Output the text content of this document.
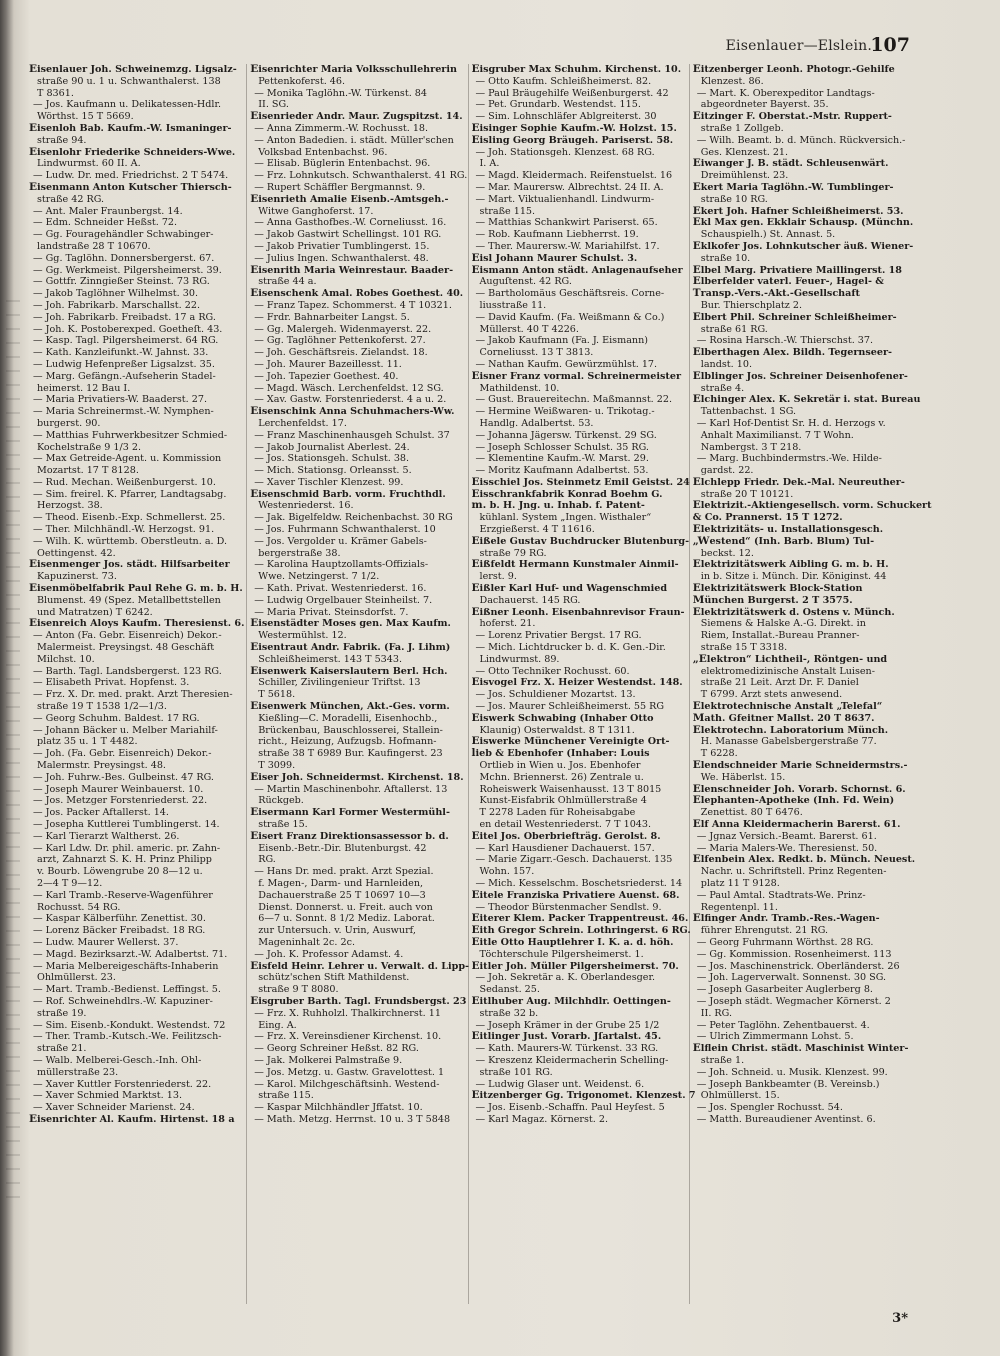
Eisenlauer—Elslein.
107
Eisenlauer Joh. Schweinemzg. Ligsalz-
straße 90 u. 1 u. Schwanthalerst. 138
T 8361.
— Jos. Kaufmann u. Delikatessen-Hdlr.
Wörthst. 15 T 5669.
Eisenloh Bab. Kaufm.-W. Ismaninger-
straße 94.
Eisenlohr Friederike Schneiders-Wwe.
Lindwurmst. 60 II. A.
— Ludw. Dr. med. Friedrichst. 2 T 5474.
Eisenmann Anton Kutscher Thiersch-
straße 42 RG.
— Ant. Maler Fraunbergst. 14.
— Edm. Schneider Heßst. 72.
— Gg. Fouragehändler Schwabinger-
landstraße 28 T 10670.
— Gg. Taglöhn. Donnersbergerst. 67.
— Gg. Werkmeist. Pilgersheimerst. 39.
— Gottfr. Zinngießer Steinst. 73 RG.
— Jakob Taglöhner Wilhelmst. 30.
— Joh. Fabrikarb. Marschallst. 22.
— Joh. Fabrikarb. Freibadst. 17 a RG.
— Joh. K. Postoberexped. Goetheſt. 43.
— Kasp. Tagl. Pilgersheimerst. 64 RG.
— Kath. Kanzleifunkt.-W. Jahnst. 33.
— Ludwig Hefenpreßer Ligsalzst. 35.
— Marg. Gefängn.-Aufseherin Stadel-
heimerst. 12 Bau I.
— Maria Privatiers-W. Baaderst. 27.
— Maria Schreinermst.-W. Nymphen-
burgerst. 90.
— Matthias Fuhrwerkbesitzer Schmied-
Kochelstraße 9 1/3 2.
— Max Getreide-Agent. u. Kommission
Mozartst. 17 T 8128.
— Rud. Mechan. Weißenburgerst. 10.
— Sim. freirel. K. Pfarrer, Landtagsabg.
Herzogst. 38.
— Theod. Eisenb.-Exp. Schmellerst. 25.
— Ther. Milchhändl.-W. Herzogst. 91.
— Wilh. K. württemb. Oberstleutn. a. D.
Oettingenst. 42.
Eisenmenger Jos. städt. Hilfsarbeiter
Kapuzinerst. 73.
Eisenmöbelfabrik Paul Rehe G. m. b. H.
Blumenst. 49 (Spez. Metallbettstellen
und Matratzen) T 6242.
Eisenreich Aloys Kaufm. Theresienst. 6.
— Anton (Fa. Gebr. Eisenreich) Dekor.-
Malermeist. Preysingst. 48 Geschäft
Milchst. 10.
— Barth. Tagl. Landsbergerst. 123 RG.
— Elisabeth Privat. Hopfenst. 3.
— Frz. X. Dr. med. prakt. Arzt Theresien-
straße 19 T 1538 1/2—1/3.
— Georg Schuhm. Baldest. 17 RG.
— Johann Bäcker u. Melber Mariahilf-
platz 35 u. 1 T 4482.
— Joh. (Fa. Gebr. Eisenreich) Dekor.-
Malermstr. Preysingst. 48.
— Joh. Fuhrw.-Bes. Gulbeinst. 47 RG.
— Joseph Maurer Weinbauerst. 10.
— Jos. Metzger Forstenriederst. 22.
— Jos. Packer Aftallerst. 14.
— Josepha Kuttlerei Tumblingerst. 14.
— Karl Tierarzt Waltherst. 26.
— Karl Ldw. Dr. phil. americ. pr. Zahn-
arzt, Zahnarzt S. K. H. Prinz Philipp
v. Bourb. Löwengrube 20 8—12 u.
2—4 T 9—12.
— Karl Tramb.-Reserve-Wagenführer
Rochusst. 54 RG.
— Kaspar Kälberführ. Zenettist. 30.
— Lorenz Bäcker Freibadst. 18 RG.
— Ludw. Maurer Wellerst. 37.
— Magd. Bezirksarzt.-W. Adalbertst. 71.
— Maria Melbereigeschäfts-Inhaberin
Ohlmüllerst. 23.
— Mart. Tramb.-Bedienst. Leffingst. 5.
— Rof. Schweinehdlrs.-W. Kapuziner-
straße 19.
— Sim. Eisenb.-Kondukt. Westendst. 72
— Ther. Tramb.-Kutsch.-We. Feilitzsch-
straße 21.
— Walb. Melberei-Gesch.-Inh. Ohl-
müllerstraße 23.
— Xaver Kuttler Forstenriederst. 22.
— Xaver Schmied Marktst. 13.
— Xaver Schneider Marienst. 24.
Eisenrichter Al. Kaufm. Hirtenst. 18 a
Eisenrichter Maria Volksschullehrerin
Pettenkoferst. 46.
— Monika Taglöhn.-W. Türkenst. 84
II. SG.
Eisenrieder Andr. Maur. Zugspitzst. 14.
— Anna Zimmerm.-W. Rochusst. 18.
— Anton Badedien. i. städt. Müller'schen
Volksbad Entenbachst. 96.
— Elisab. Büglerin Entenbachst. 96.
— Frz. Lohnkutsch. Schwanthalerst. 41 RG.
— Rupert Schäffler Bergmannst. 9.
Eisenrieth Amalie Eisenb.-Amtsgeh.-
Witwe Ganghoferst. 17.
— Anna Gasthofbes.-W. Corneliusst. 16.
— Jakob Gastwirt Schellingst. 101 RG.
— Jakob Privatier Tumblingerst. 15.
— Julius Ingen. Schwanthalerst. 48.
Eisenrith Maria Weinrestaur. Baader-
straße 44 a.
Eisenschenk Amal. Robes Goethest. 40.
— Franz Tapez. Schommerst. 4 T 10321.
— Frdr. Bahnarbeiter Langst. 5.
— Gg. Malergeh. Widenmayerst. 22.
— Gg. Taglöhner Pettenkoferst. 27.
— Joh. Geschäftsreis. Zielandst. 18.
— Joh. Maurer Bazeillesst. 11.
— Joh. Tapezier Goethest. 40.
— Magd. Wäsch. Lerchenfeldst. 12 SG.
— Xav. Gastw. Forstenriederst. 4 a u. 2.
Eisenschink Anna Schuhmachers-Ww.
Lerchenfeldst. 17.
— Franz Maschinenhausgeh Schulst. 37
— Jakob Journalist Aberlest. 24.
— Jos. Stationsgeh. Schulst. 38.
— Mich. Stationsg. Orleansst. 5.
— Xaver Tischler Klenzest. 99.
Eisenschmid Barb. vorm. Fruchthdl.
Westenriederst. 16.
— Jak. Bigelfeldw. Reichenbachst. 30 RG
— Jos. Fuhrmann Schwanthalerst. 10
— Jos. Vergolder u. Krämer Gabels-
bergerstraße 38.
— Karolina Hauptzollamts-Offizials-
Wwe. Netzingerst. 7 1/2.
— Kath. Privat. Westenriederst. 16.
— Ludwig Orgelbauer Steinheilst. 7.
— Maria Privat. Steinsdorfst. 7.
Eisenstädter Moses gen. Max Kaufm.
Westermühlst. 12.
Eisentraut Andr. Fabrik. (Fa. J. Lihm)
Schleißheimerst. 143 T 5343.
Eisenwerk Kaiserslautern Berl. Hch.
Schiller, Zivilingenieur Triftst. 13
T 5618.
Eisenwerk München, Akt.-Ges. vorm.
Kießling—C. Moradelli, Eisenhochb.,
Brückenbau, Bauschlosserei, Stallein-
richt., Heizung, Aufzugsb. Hofmann-
straße 38 T 6989 Bur. Kaufingerst. 23
T 3099.
Eiser Joh. Schneidermst. Kirchenst. 18.
— Martin Maschinenbohr. Aftallerst. 13
Rückgeb.
Eisermann Karl Former Westermühl-
straße 15.
Eisert Franz Direktionsassessor b. d.
Eisenb.-Betr.-Dir. Blutenburgst. 42
RG.
— Hans Dr. med. prakt. Arzt Spezial.
f. Magen-, Darm- und Harnleiden,
Dachauerstraße 25 T 10697 10—3
Dienst. Donnerst. u. Freit. auch von
6—7 u. Sonnt. 8 1/2 Mediz. Laborat.
zur Untersuch. v. Urin, Auswurf,
Mageninhalt 2c. 2c.
— Joh. K. Professor Adamst. 4.
Eisfeld Heinr. Lehrer u. Verwalt. d. Lipp-
schütz'schen Stift Mathildenst.
straße 9 T 8080.
Eisgruber Barth. Tagl. Frundsbergst. 23
— Frz. X. Ruhholzl. Thalkirchnerst. 11
Eing. A.
— Frz. X. Vereinsdiener Kirchenst. 10.
— Georg Schreiner Heßst. 82 RG.
— Jak. Molkerei Palmstraße 9.
— Jos. Metzg. u. Gastw. Gravelottest. 1
— Karol. Milchgeschäftsinh. Westend-
straße 115.
— Kaspar Milchhändler Jffatst. 10.
— Math. Metzg. Herrnst. 10 u. 3 T 5848
Eisgruber Max Schuhm. Kirchenst. 10.
— Otto Kaufm. Schleißheimerst. 82.
— Paul Bräugehilfe Weißenburgerst. 42
— Pet. Grundarb. Westendst. 115.
— Sim. Lohnschläfer Ablgreiterst. 30
Eisinger Sophie Kaufm.-W. Holzst. 15.
Eisling Georg Bräugeh. Pariserst. 58.
— Joh. Stationsgeh. Klenzest. 68 RG.
I. A.
— Magd. Kleidermach. Reifenstuelst. 16
— Mar. Maurersw. Albrechtst. 24 II. A.
— Mart. Viktualienhandl. Lindwurm-
straße 115.
— Matthias Schankwirt Pariserst. 65.
— Rob. Kaufmann Liebherrst. 19.
— Ther. Maurersw.-W. Mariahilfst. 17.
Eisl Johann Maurer Schulst. 3.
Eismann Anton städt. Anlagenaufseher
Auguſtenst. 42 RG.
— Bartholomäus Geschäftsreis. Corne-
liusstraße 11.
— David Kaufm. (Fa. Weißmann & Co.)
Müllerst. 40 T 4226.
— Jakob Kaufmann (Fa. J. Eismann)
Corneliusst. 13 T 3813.
— Nathan Kaufm. Gewürzmühlst. 17.
Eisner Franz vormal. Schreinermeister
Mathildenst. 10.
— Gust. Brauereitechn. Maßmannst. 22.
— Hermine Weißwaren- u. Trikotag.-
Handlg. Adalbertst. 53.
— Johanna Jägersw. Türkenst. 29 SG.
— Joseph Schlosser Schulst. 35 RG.
— Klementine Kaufm.-W. Marst. 29.
— Moritz Kaufmann Adalbertst. 53.
Eisschiel Jos. Steinmetz Emil Geistst. 24
Eisschrankfabrik Konrad Boehm G.
m. b. H. Jng. u. Inhab. f. Patent-
kühlanl. System „Ingen. Wisthaler“
Erzgießerst. 4 T 11616.
Eißele Gustav Buchdrucker Blutenburg-
straße 79 RG.
Eißfeldt Hermann Kunstmaler Ainmil-
lerst. 9.
Eißler Karl Huf- und Wagenschmied
Dachauerst. 145 RG.
Eißner Leonh. Eisenbahnrevisor Fraun-
hoferst. 21.
— Lorenz Privatier Bergst. 17 RG.
— Mich. Lichtdrucker b. d. K. Gen.-Dir.
Lindwurmst. 89.
— Otto Techniker Rochusst. 60.
Eisvogel Frz. X. Heizer Westendst. 148.
— Jos. Schuldiener Mozartst. 13.
— Jos. Maurer Schleißheimerst. 55 RG
Eiswerk Schwabing (Inhaber Otto
Klaunig) Osterwaldst. 8 T 1311.
Eiswerke Münchener Vereinigte Ort-
lieb & Ebenhofer (Inhaber: Louis
Ortlieb in Wien u. Jos. Ebenhofer
Mchn. Briennerst. 26) Zentrale u.
Roheiswerk Waisenhausst. 13 T 8015
Kunst-Eisfabrik Ohlmüllerstraße 4
T 2278 Laden für Roheisabgabe
en detail Westenriederst. 7 T 1043.
Eitel Jos. Oberbriefträg. Gerolst. 8.
— Karl Hausdiener Dachauerst. 157.
— Marie Zigarr.-Gesch. Dachauerst. 135
Wohn. 157.
— Mich. Kesselschm. Boschetsriederst. 14
Eitele Franziska Privatiere Auenst. 68.
— Theodor Bürstenmacher Sendlst. 9.
Eiterer Klem. Packer Trappentreust. 46.
Eith Gregor Schrein. Lothringerst. 6 RG.
Eitle Otto Hauptlehrer I. K. a. d. höh.
Töchterschule Pilgersheimerst. 1.
Eitler Joh. Müller Pilgersheimerst. 70.
— Joh. Sekretär a. K. Oberlandesger.
Sedanst. 25.
Eitlhuber Aug. Milchhdlr. Oettingen-
straße 32 b.
— Joseph Krämer in der Grube 25 1/2
Eitlinger Just. Vorarb. Jſartalst. 45.
— Kath. Maurers-W. Türkenst. 33 RG.
— Kreszenz Kleidermacherin Schelling-
straße 101 RG.
— Ludwig Glaser unt. Weidenst. 6.
Eitzenberger Gg. Trigonomet. Klenzest. 7
— Jos. Eisenb.-Schaffn. Paul Heyſest. 5
— Karl Magaz. Körnerst. 2.
Eitzenberger Leonh. Photogr.-Gehilfe
Klenzest. 86.
— Mart. K. Oberexpeditor Landtags-
abgeordneter Bayerst. 35.
Eitzinger F. Oberstat.-Mstr. Ruppert-
straße 1 Zollgeb.
— Wilh. Beamt. b. d. Münch. Rückversich.-
Ges. Klenzest. 21.
Eiwanger J. B. städt. Schleusenwärt.
Dreimühlenst. 23.
Ekert Maria Taglöhn.-W. Tumblinger-
straße 10 RG.
Ekert Joh. Hafner Schleißheimerst. 53.
Ekl Max gen. Ekklair Schausp. (Münchn.
Schauspielh.) St. Annast. 5.
Eklkofer Jos. Lohnkutscher äuß. Wiener-
straße 10.
Elbel Marg. Privatiere Maillingerst. 18
Elberfelder vaterl. Feuer-, Hagel- &
Transp.-Vers.-Akt.-Gesellschaft
Bur. Thierschplatz 2.
Elbert Phil. Schreiner Schleißheimer-
straße 61 RG.
— Rosina Harsch.-W. Thierschst. 37.
Elberthagen Alex. Bildh. Tegernseer-
landst. 10.
Elblinger Jos. Schreiner Deisenhofener-
straße 4.
Elchinger Alex. K. Sekretär i. stat. Bureau
Tattenbachst. 1 SG.
— Karl Hof-Dentist Sr. H. d. Herzogs v.
Anhalt Maximilianst. 7 T Wohn.
Nambergst. 3 T 218.
— Marg. Buchbindermstrs.-We. Hilde-
gardst. 22.
Elchlepp Friedr. Dek.-Mal. Neureuther-
straße 20 T 10121.
Elektrizit.-Aktiengesellsch. vorm. Schuckert
& Co. Prannerst. 15 T 1272.
Elektrizitäts- u. Installationsgesch.
„Westend“ (Inh. Barb. Blum) Tul-
beckst. 12.
Elektrizitätswerk Aibling G. m. b. H.
in b. Sitze i. Münch. Dir. Königinst. 44
Elektrizitätswerk Block-Station
München Burgerst. 2 T 3575.
Elektrizitätswerk d. Ostens v. Münch.
Siemens & Halske A.-G. Direkt. in
Riem, Installat.-Bureau Pranner-
straße 15 T 3318.
„Elektron“ Lichtheil-, Röntgen- und
elektromedizinische Anstalt Luisen-
straße 21 Leit. Arzt Dr. F. Daniel
T 6799. Arzt stets anwesend.
Elektrotechnische Anstalt „Telefal“
Math. Gfeitner Mallst. 20 T 8637.
Elektrotechn. Laboratorium Münch.
H. Manasse Gabelsbergerstraße 77.
T 6228.
Elendschneider Marie Schneidermstrs.-
We. Häberlst. 15.
Elenschneider Joh. Vorarb. Schornst. 6.
Elephanten-Apotheke (Inh. Fd. Wein)
Zenettist. 80 T 6476.
Elf Anna Kleidermacherin Barerst. 61.
— Jgnaz Versich.-Beamt. Barerst. 61.
— Maria Malers-We. Theresienst. 50.
Elfenbein Alex. Redkt. b. Münch. Neuest.
Nachr. u. Schriftstell. Prinz Regenten-
platz 11 T 9128.
— Paul Amtal. Stadtrats-We. Prinz-
Regentenpl. 11.
Elfinger Andr. Tramb.-Res.-Wagen-
führer Ehrengutst. 21 RG.
— Georg Fuhrmann Wörthst. 28 RG.
— Gg. Kommission. Rosenheimerst. 113
— Jos. Maschinenstrick. Oberländerst. 26
— Joh. Lagerverwalt. Sonnenst. 30 SG.
— Joseph Gasarbeiter Auglerberg 8.
— Joseph städt. Wegmacher Körnerst. 2
II. RG.
— Peter Taglöhn. Zehentbauerst. 4.
— Ulrich Zimmermann Lohst. 5.
Elflein Christ. städt. Maschinist Winter-
straße 1.
— Joh. Schneid. u. Musik. Klenzest. 99.
— Joseph Bankbeamter (B. Vereinsb.)
Ohlmüllerst. 15.
— Jos. Spengler Rochusst. 54.
— Matth. Bureaudiener Aventinst. 6.
3*
